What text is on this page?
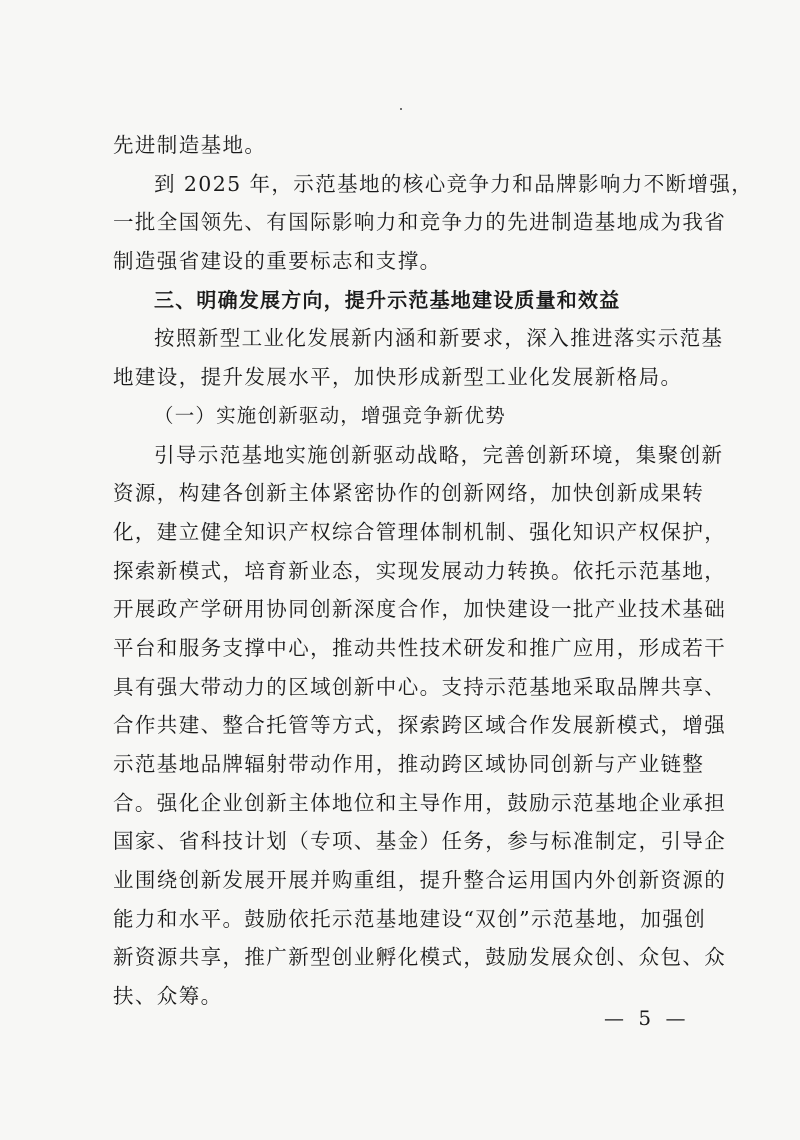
先进制造基地。
到 2025 年，示范基地的核心竞争力和品牌影响力不断增强，
一批全国领先、有国际影响力和竞争力的先进制造基地成为我省
制造强省建设的重要标志和支撑。
三、明确发展方向，提升示范基地建设质量和效益
按照新型工业化发展新内涵和新要求，深入推进落实示范基
地建设，提升发展水平，加快形成新型工业化发展新格局。
（一）实施创新驱动，增强竞争新优势
引导示范基地实施创新驱动战略，完善创新环境，集聚创新
资源，构建各创新主体紧密协作的创新网络，加快创新成果转
化，建立健全知识产权综合管理体制机制、强化知识产权保护，
探索新模式，培育新业态，实现发展动力转换。依托示范基地，
开展政产学研用协同创新深度合作，加快建设一批产业技术基础
平台和服务支撑中心，推动共性技术研发和推广应用，形成若干
具有强大带动力的区域创新中心。支持示范基地采取品牌共享、
合作共建、整合托管等方式，探索跨区域合作发展新模式，增强
示范基地品牌辐射带动作用，推动跨区域协同创新与产业链整
合。强化企业创新主体地位和主导作用，鼓励示范基地企业承担
国家、省科技计划（专项、基金）任务，参与标准制定，引导企
业围绕创新发展开展并购重组，提升整合运用国内外创新资源的
能力和水平。鼓励依托示范基地建设“双创”示范基地，加强创
新资源共享，推广新型创业孵化模式，鼓励发展众创、众包、众
扶、众筹。
— 5 —
